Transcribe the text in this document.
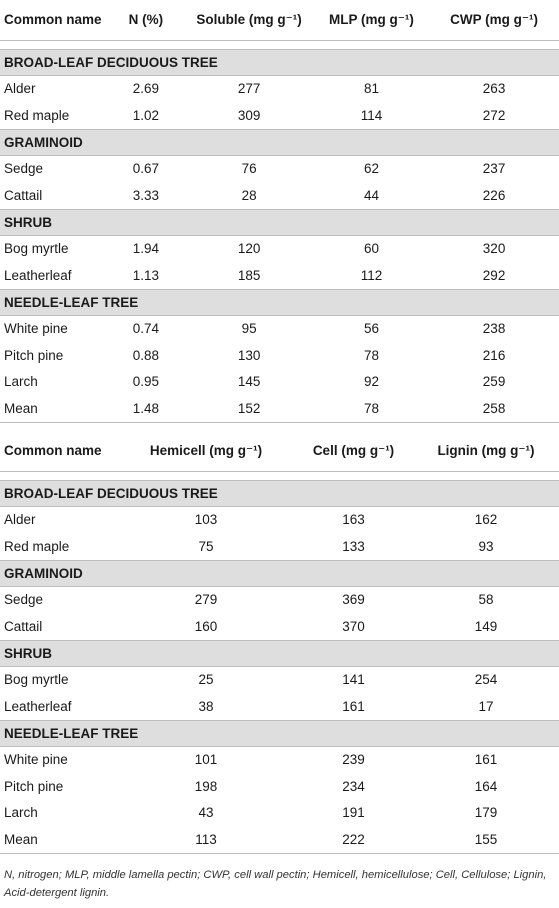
Common name	N (%)	Soluble (mg g⁻¹)	MLP (mg g⁻¹)	CWP (mg g⁻¹)

BROAD-LEAF DECIDUOUS TREE				
Alder	2.69	277	81	263
Red maple	1.02	309	114	272
GRAMINOID				
Sedge	0.67	76	62	237
Cattail	3.33	28	44	226
SHRUB				
Bog myrtle	1.94	120	60	320
Leatherleaf	1.13	185	112	292
NEEDLE-LEAF TREE				
White pine	0.74	95	56	238
Pitch pine	0.88	130	78	216
Larch	0.95	145	92	259
Mean	1.48	152	78	258
Common name	Hemicell (mg g⁻¹)	Cell (mg g⁻¹)	Lignin (mg g⁻¹)

BROAD-LEAF DECIDUOUS TREE			
Alder	103	163	162
Red maple	75	133	93
GRAMINOID			
Sedge	279	369	58
Cattail	160	370	149
SHRUB			
Bog myrtle	25	141	254
Leatherleaf	38	161	17
NEEDLE-LEAF TREE			
White pine	101	239	161
Pitch pine	198	234	164
Larch	43	191	179
Mean	113	222	155
N, nitrogen; MLP, middle lamella pectin; CWP, cell wall pectin; Hemicell, hemicellulose; Cell, Cellulose; Lignin, Acid-detergent lignin.
